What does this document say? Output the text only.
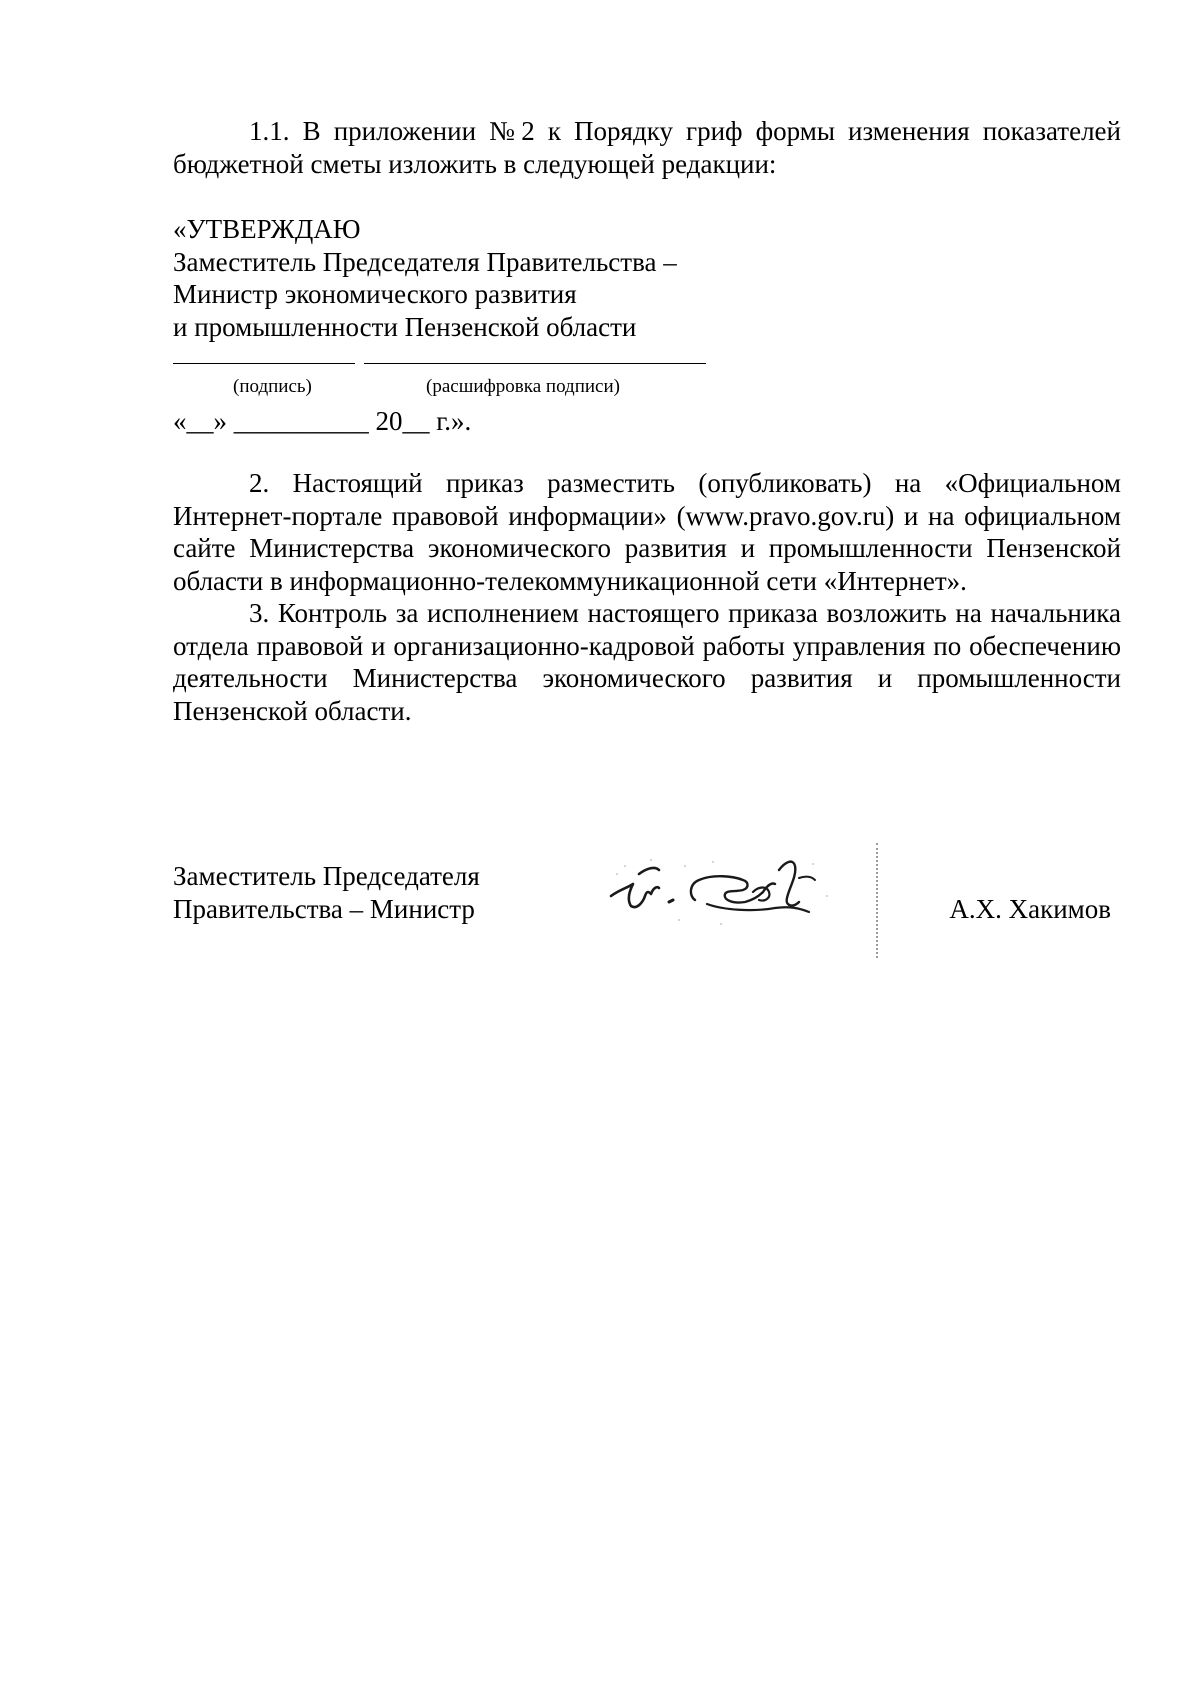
1.1. В приложении №2 к Порядку гриф формы изменения показателей бюджетной сметы изложить в следующей редакции:

«УТВЕРЖДАЮ
Заместитель Председателя Правительства –
Министр экономического развития
и промышленности Пензенской области
(подпись)	(расшифровка подписи)
«__» __________ 20__ г.».

2. Настоящий приказ разместить (опубликовать) на «Официальном Интернет-портале правовой информации» (www.pravo.gov.ru) и на официальном сайте Министерства экономического развития и промышленности Пензенской области в информационно-телекоммуникационной сети «Интернет».

3. Контроль за исполнением настоящего приказа возложить на начальника отдела правовой и организационно-кадровой работы управления по обеспечению деятельности Министерства экономического развития и промышленности Пензенской области.

Заместитель Председателя
Правительства – Министр	А.Х. Хакимов
